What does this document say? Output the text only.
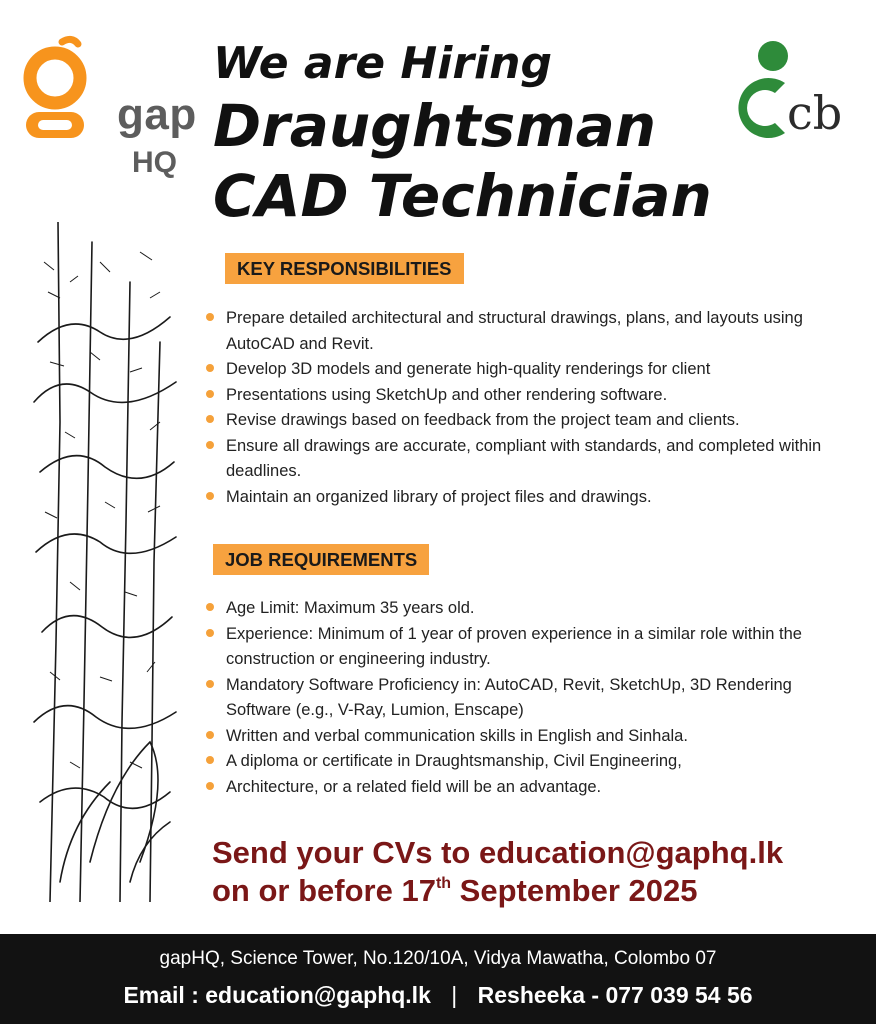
gap
HQ
cb
We are Hiring
Draughtsman
CAD Technician
KEY RESPONSIBILITIES
Prepare detailed architectural and structural drawings, plans, and layouts using AutoCAD and Revit.
Develop 3D models and generate high-quality renderings for client
Presentations using SketchUp and other rendering software.
Revise drawings based on feedback from the project team and clients.
Ensure all drawings are accurate, compliant with standards, and completed within deadlines.
Maintain an organized library of project files and drawings.
JOB REQUIREMENTS
Age Limit: Maximum 35 years old.
Experience: Minimum of 1 year of proven experience in a similar role within the construction or engineering industry.
Mandatory Software Proficiency in: AutoCAD, Revit, SketchUp, 3D Rendering Software (e.g., V-Ray, Lumion, Enscape)
Written and verbal communication skills in English and Sinhala.
A diploma or certificate in Draughtsmanship, Civil Engineering,
Architecture, or a related field will be an advantage.
Send your CVs to education@gaphq.lk
on or before 17th September 2025
gapHQ, Science Tower, No.120/10A, Vidya Mawatha, Colombo 07
Email : education@gaphq.lk | Resheeka - 077 039 54 56
